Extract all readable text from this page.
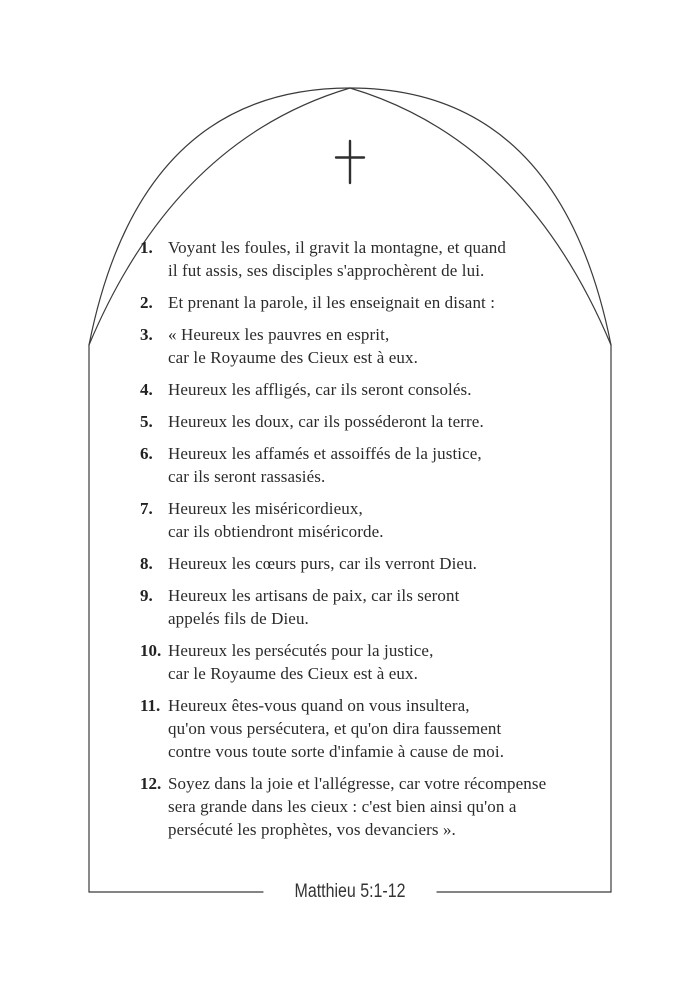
1. Voyant les foules, il gravit la montagne, et quand
il fut assis, ses disciples s'approchèrent de lui.
2. Et prenant la parole, il les enseignait en disant :
3. « Heureux les pauvres en esprit,
car le Royaume des Cieux est à eux.
4. Heureux les affligés, car ils seront consolés.
5. Heureux les doux, car ils posséderont la terre.
6. Heureux les affamés et assoiffés de la justice,
car ils seront rassasiés.
7. Heureux les miséricordieux,
car ils obtiendront miséricorde.
8. Heureux les cœurs purs, car ils verront Dieu.
9. Heureux les artisans de paix, car ils seront
appelés fils de Dieu.
10. Heureux les persécutés pour la justice,
car le Royaume des Cieux est à eux.
11. Heureux êtes-vous quand on vous insultera,
qu'on vous persécutera, et qu'on dira faussement
contre vous toute sorte d'infamie à cause de moi.
12. Soyez dans la joie et l'allégresse, car votre récompense
sera grande dans les cieux : c'est bien ainsi qu'on a
persécuté les prophètes, vos devanciers ».
Matthieu 5:1-12
